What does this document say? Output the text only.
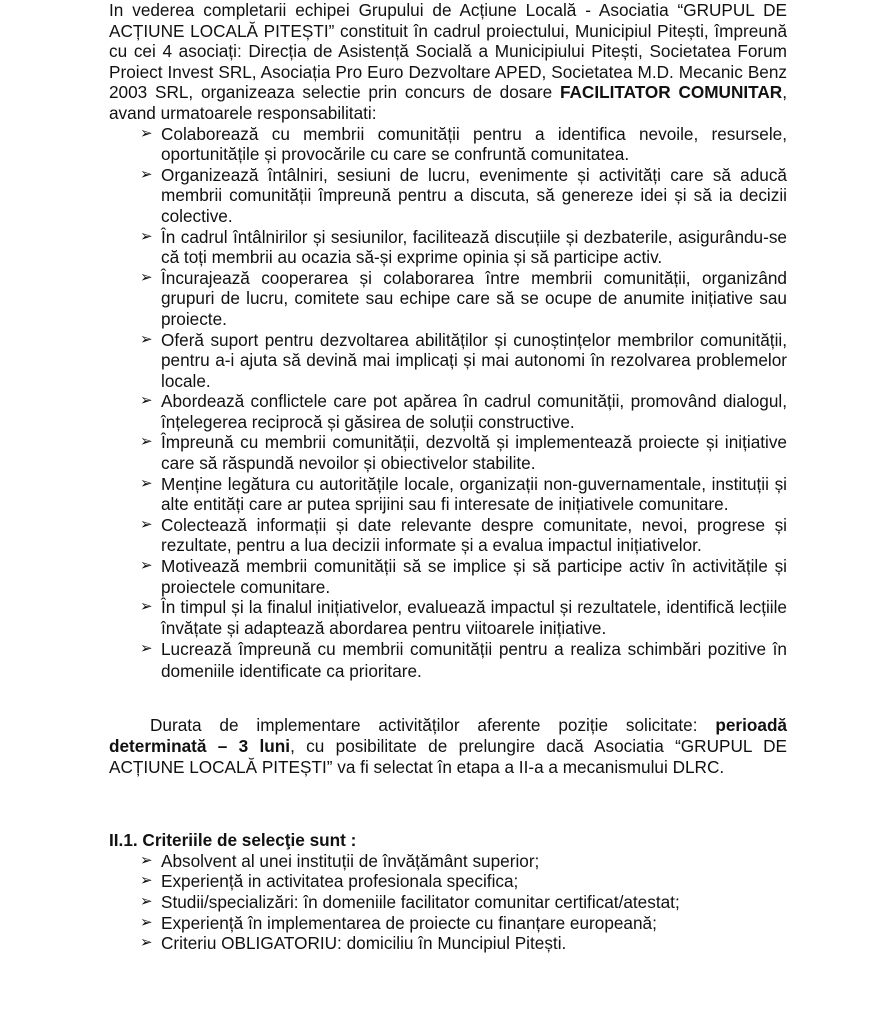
In vederea completarii echipei Grupului de Acțiune Locală - Asociatia “GRUPUL DE ACȚIUNE LOCALĂ PITEȘTI” constituit în cadrul proiectului, Municipiul Pitești, împreună cu cei 4 asociați: Direcția de Asistență Socială a Municipiului Pitești, Societatea Forum Proiect Invest SRL, Asociația Pro Euro Dezvoltare APED, Societatea M.D. Mecanic Benz 2003 SRL, organizeaza selectie prin concurs de dosare FACILITATOR COMUNITAR, avand urmatoarele responsabilitati:

➢ Colaborează cu membrii comunității pentru a identifica nevoile, resursele, oportunitățile și provocările cu care se confruntă comunitatea.
➢ Organizează întâlniri, sesiuni de lucru, evenimente și activități care să aducă membrii comunității împreună pentru a discuta, să genereze idei și să ia decizii colective.
➢ În cadrul întâlnirilor și sesiunilor, facilitează discuțiile și dezbaterile, asigurându-se că toți membrii au ocazia să-și exprime opinia și să participe activ.
➢ Încurajează cooperarea și colaborarea între membrii comunității, organizând grupuri de lucru, comitete sau echipe care să se ocupe de anumite inițiative sau proiecte.
➢ Oferă suport pentru dezvoltarea abilităților și cunoștințelor membrilor comunității, pentru a-i ajuta să devină mai implicați și mai autonomi în rezolvarea problemelor locale.
➢ Abordează conflictele care pot apărea în cadrul comunității, promovând dialogul, înțelegerea reciprocă și găsirea de soluții constructive.
➢ Împreună cu membrii comunității, dezvoltă și implementează proiecte și inițiative care să răspundă nevoilor și obiectivelor stabilite.
➢ Menține legătura cu autoritățile locale, organizații non-guvernamentale, instituții și alte entități care ar putea sprijini sau fi interesate de inițiativele comunitare.
➢ Colectează informații și date relevante despre comunitate, nevoi, progrese și rezultate, pentru a lua decizii informate și a evalua impactul inițiativelor.
➢ Motivează membrii comunității să se implice și să participe activ în activitățile și proiectele comunitare.
➢ În timpul și la finalul inițiativelor, evaluează impactul și rezultatele, identifică lecțiile învățate și adaptează abordarea pentru viitoarele inițiative.
➢ Lucrează împreună cu membrii comunității pentru a realiza schimbări pozitive în domeniile identificate ca prioritare.

Durata de implementare activităților aferente poziție solicitate: perioadă determinată – 3 luni, cu posibilitate de prelungire dacă Asociatia “GRUPUL DE ACȚIUNE LOCALĂ PITEȘTI” va fi selectat în etapa a II-a a mecanismului DLRC.

II.1. Criteriile de selecţie sunt :

➢ Absolvent al unei instituții de învățământ superior;
➢ Experiență in activitatea profesionala specifica;
➢ Studii/specializări: în domeniile facilitator comunitar certificat/atestat;
➢ Experiență în implementarea de proiecte cu finanțare europeană;
➢ Criteriu OBLIGATORIU: domiciliu în Muncipiul Pitești.
